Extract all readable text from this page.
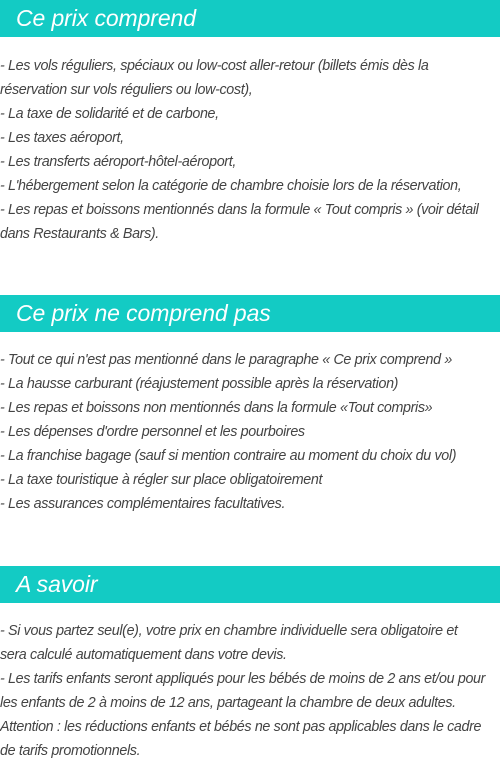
Ce prix comprend
- Les vols réguliers, spéciaux ou low-cost aller-retour (billets émis dès la
réservation sur vols réguliers ou low-cost),
- La taxe de solidarité et de carbone,
- Les taxes aéroport,
- Les transferts aéroport-hôtel-aéroport,
- L'hébergement selon la catégorie de chambre choisie lors de la réservation,
- Les repas et boissons mentionnés dans la formule « Tout compris » (voir détail
dans Restaurants & Bars).
Ce prix ne comprend pas
- Tout ce qui n'est pas mentionné dans le paragraphe « Ce prix comprend »
- La hausse carburant (réajustement possible après la réservation)
- Les repas et boissons non mentionnés dans la formule «Tout compris»
- Les dépenses d'ordre personnel et les pourboires
- La franchise bagage (sauf si mention contraire au moment du choix du vol)
- La taxe touristique à régler sur place obligatoirement
- Les assurances complémentaires facultatives.
A savoir
- Si vous partez seul(e), votre prix en chambre individuelle sera obligatoire et
sera calculé automatiquement dans votre devis.
- Les tarifs enfants seront appliqués pour les bébés de moins de 2 ans et/ou pour
les enfants de 2 à moins de 12 ans, partageant la chambre de deux adultes.
Attention : les réductions enfants et bébés ne sont pas applicables dans le cadre
de tarifs promotionnels.
